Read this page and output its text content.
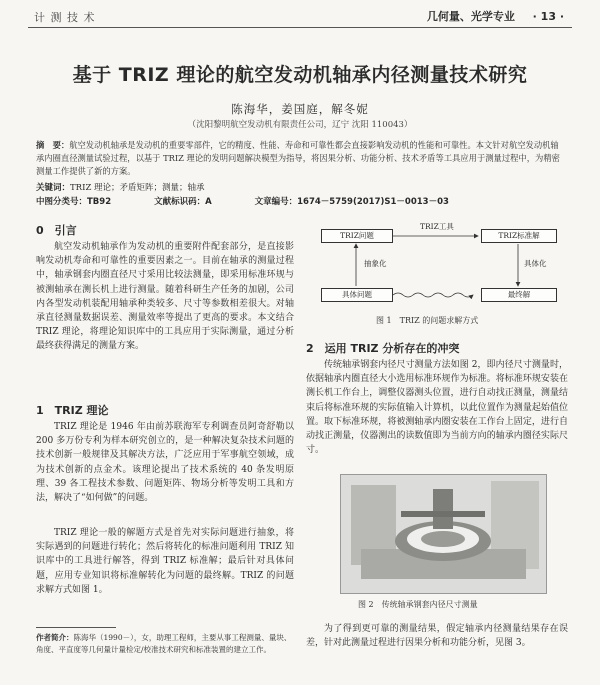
计 测 技 术	几何量、光学专业 · 13 ·
基于 TRIZ 理论的航空发动机轴承内径测量技术研究
陈海华，姜国庭，解冬妮
（沈阳黎明航空发动机有限责任公司，辽宁 沈阳 110043）
摘　要：航空发动机轴承是发动机的重要零部件，它的精度、性能、寿命和可靠性都会直接影响发动机的性能和可靠性。本文针对航空发动机轴承内圈直径测量试验过程，以基于 TRIZ 理论的发明问题解决模型为指导，将因果分析、功能分析、技术矛盾等工具应用于测量过程中，为精密测量工作提供了新的方案。
关键词：TRIZ 理论；矛盾矩阵；测量；轴承
中图分类号：TB92	文献标识码：A	文章编号：1674－5759(2017)S1－0013－03
0　引言
航空发动机轴承作为发动机的重要附件配套部分，是直接影响发动机寿命和可靠性的重要因素之一。目前在轴承的测量过程中，轴承钢套内圈直径尺寸采用比较法测量，即采用标准环规与被测轴承在测长机上进行测量。随着科研生产任务的加剧，公司内各型发动机装配用轴承种类较多、尺寸等参数相差很大。对轴承直径测量数据误差、测量效率等提出了更高的要求。本文结合 TRIZ 理论，将理论知识库中的工具应用于实际测量，通过分析最终获得满足的测量方案。
1　TRIZ 理论
TRIZ 理论是 1946 年由前苏联海军专利调查员阿奇舒勒以 200 多万份专利为样本研究创立的，是一种解决复杂技术问题的技术创新一般规律及其解决方法，广泛应用于军事航空领域，成为技术创新的点金术。该理论提出了技术系统的 40 条发明原理、39 各工程技术参数、问题矩阵、物场分析等发明工具和方法，解决了“如何做”的问题。
TRIZ 理论一般的解题方式是首先对实际问题进行抽象，将实际遇到的问题进行转化；然后将转化的标准问题利用 TRIZ 知识库中的工具进行解答，得到 TRIZ 标准解；最后针对具体问题，应用专业知识将标准解转化为问题的最终解。TRIZ 的问题求解方式如图 1。
作者简介：陈海华（1990－），女，助理工程师，主要从事工程测量、量块、角度、平直度等几何量计量检定/校准技术研究和标准装置的建立工作。
TRIZ问题	TRIZ标准解
具体问题	最终解
TRIZ工具
抽象化	具体化
图 1　TRIZ 的问题求解方式
2　运用 TRIZ 分析存在的冲突
传统轴承钢套内径尺寸测量方法如图 2，即内径尺寸测量时，依据轴承内圈直径大小选用标准环规作为标准。将标准环规安装在测长机工作台上，调整仪器测头位置，进行自动找正测量，测量结束后将标准环规的实际值输入计算机，以此位置作为测量起始值位置。取下标准环规，将被测轴承内圈安装在工作台上固定，进行自动找正测量，仪器测出的读数值即为当前方向的轴承内圈径实际尺寸。
图 2　传统轴承钢套内径尺寸测量
为了得到更可靠的测量结果，假定轴承内径测量结果存在误差，针对此测量过程进行因果分析和功能分析，见图 3。
